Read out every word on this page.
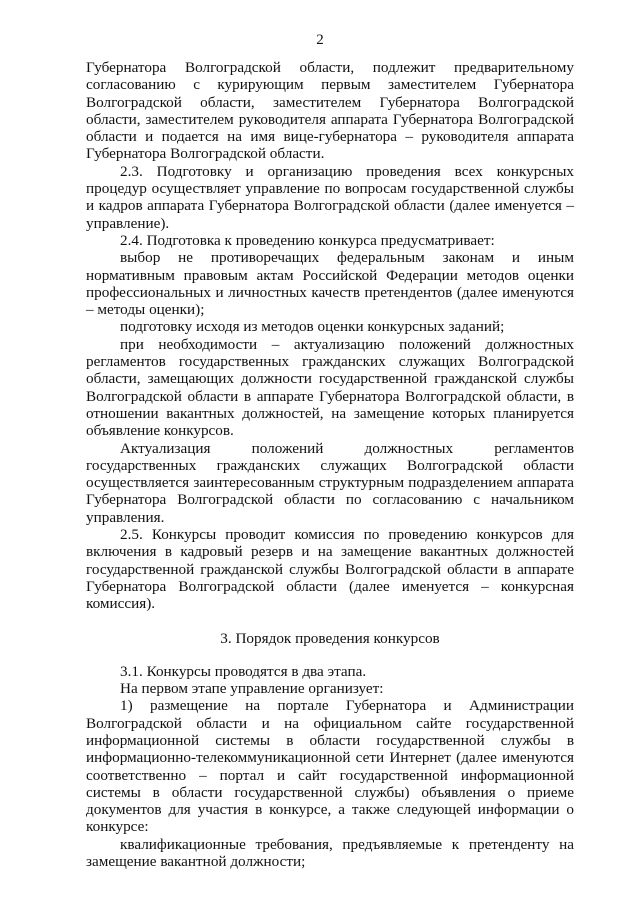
2

Губернатора Волгоградской области, подлежит предварительному согласованию с курирующим первым заместителем Губернатора Волгоградской области, заместителем Губернатора Волгоградской области, заместителем руководителя аппарата Губернатора Волгоградской области и подается на имя вице-губернатора – руководителя аппарата Губернатора Волгоградской области.

2.3. Подготовку и организацию проведения всех конкурсных процедур осуществляет управление по вопросам государственной службы и кадров аппарата Губернатора Волгоградской области (далее именуется – управление).

2.4. Подготовка к проведению конкурса предусматривает:

выбор не противоречащих федеральным законам и иным нормативным правовым актам Российской Федерации методов оценки профессиональных и личностных качеств претендентов (далее именуются – методы оценки);

подготовку исходя из методов оценки конкурсных заданий;

при необходимости – актуализацию положений должностных регламентов государственных гражданских служащих Волгоградской области, замещающих должности государственной гражданской службы Волгоградской области в аппарате Губернатора Волгоградской области, в отношении вакантных должностей, на замещение которых планируется объявление конкурсов.

Актуализация положений должностных регламентов государственных гражданских служащих Волгоградской области осуществляется заинтересованным структурным подразделением аппарата Губернатора Волгоградской области по согласованию с начальником управления.

2.5. Конкурсы проводит комиссия по проведению конкурсов для включения в кадровый резерв и на замещение вакантных должностей государственной гражданской службы Волгоградской области в аппарате Губернатора Волгоградской области (далее именуется – конкурсная комиссия).

3. Порядок проведения конкурсов

3.1. Конкурсы проводятся в два этапа.

На первом этапе управление организует:

1) размещение на портале Губернатора и Администрации Волгоградской области и на официальном сайте государственной информационной системы в области государственной службы в информационно-телекоммуникационной сети Интернет (далее именуются соответственно – портал и сайт государственной информационной системы в области государственной службы) объявления о приеме документов для участия в конкурсе, а также следующей информации о конкурсе:

квалификационные требования, предъявляемые к претенденту на замещение вакантной должности;
